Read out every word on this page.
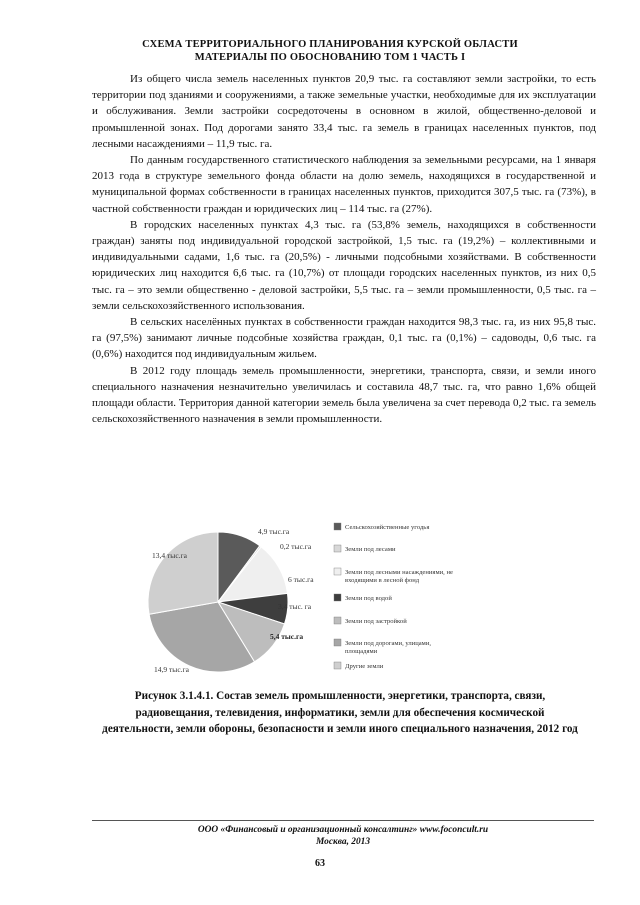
СХЕМА ТЕРРИТОРИАЛЬНОГО ПЛАНИРОВАНИЯ КУРСКОЙ ОБЛАСТИ
МАТЕРИАЛЫ ПО ОБОСНОВАНИЮ ТОМ 1 ЧАСТЬ I

Из общего числа земель населенных пунктов 20,9 тыс. га составляют земли застройки, то есть территории под зданиями и сооружениями, а также земельные участки, необходимые для их эксплуатации и обслуживания. Земли застройки сосредоточены в основном в жилой, общественно-деловой и промышленной зонах. Под дорогами занято 33,4 тыс. га земель в границах населенных пунктов, под лесными насаждениями – 11,9 тыс. га.

По данным государственного статистического наблюдения за земельными ресурсами, на 1 января 2013 года в структуре земельного фонда области на долю земель, находящихся в государственной и муниципальной формах собственности в границах населенных пунктов, приходится 307,5 тыс. га (73%), в частной собственности граждан и юридических лиц – 114 тыс. га (27%).

В городских населенных пунктах 4,3 тыс. га (53,8% земель, находящихся в собственности граждан) заняты под индивидуальной городской застройкой, 1,5 тыс. га (19,2%) – коллективными и индивидуальными садами, 1,6 тыс. га (20,5%) - личными подсобными хозяйствами. В собственности юридических лиц находится 6,6 тыс. га (10,7%) от площади городских населенных пунктов, из них 0,5 тыс. га – это земли общественно - деловой застройки, 5,5 тыс. га – земли промышленности, 0,5 тыс. га – земли сельскохозяйственного использования.

В сельских населённых пунктах в собственности граждан находится 98,3 тыс. га, из них 95,8 тыс. га (97,5%) занимают личные подсобные хозяйства граждан, 0,1 тыс. га (0,1%) – садоводы, 0,6 тыс. га (0,6%) находится под индивидуальным жильем.

В 2012 году площадь земель промышленности, энергетики, транспорта, связи, и земли иного специального назначения незначительно увеличилась и составила 48,7 тыс. га, что равно 1,6% общей площади области. Территория данной категории земель была увеличена за счет перевода 0,2 тыс. га земель сельскохозяйственного назначения в земли промышленности.

4,9 тыс.га
0,2 тыс.га
6 тыс.га
3,4 тыс. га
5,4 тыс.га
14,9 тыс.га
13,4 тыс.га
Сельскохозяйственные угодья
Земли под лесами
Земли под лесными насаждениями, не входящими в лесной фонд
Земли под водой
Земли под застройкой
Земли под дорогами, улицами, площадями
Другие земли
Рисунок 3.1.4.1. Состав земель промышленности, энергетики, транспорта, связи, радиовещания, телевидения, информатики, земли для обеспечения космической деятельности, земли обороны, безопасности и земли иного специального назначения, 2012 год
ООО «Финансовый и организационный консалтинг» www.foconcult.ru
Москва, 2013
63
